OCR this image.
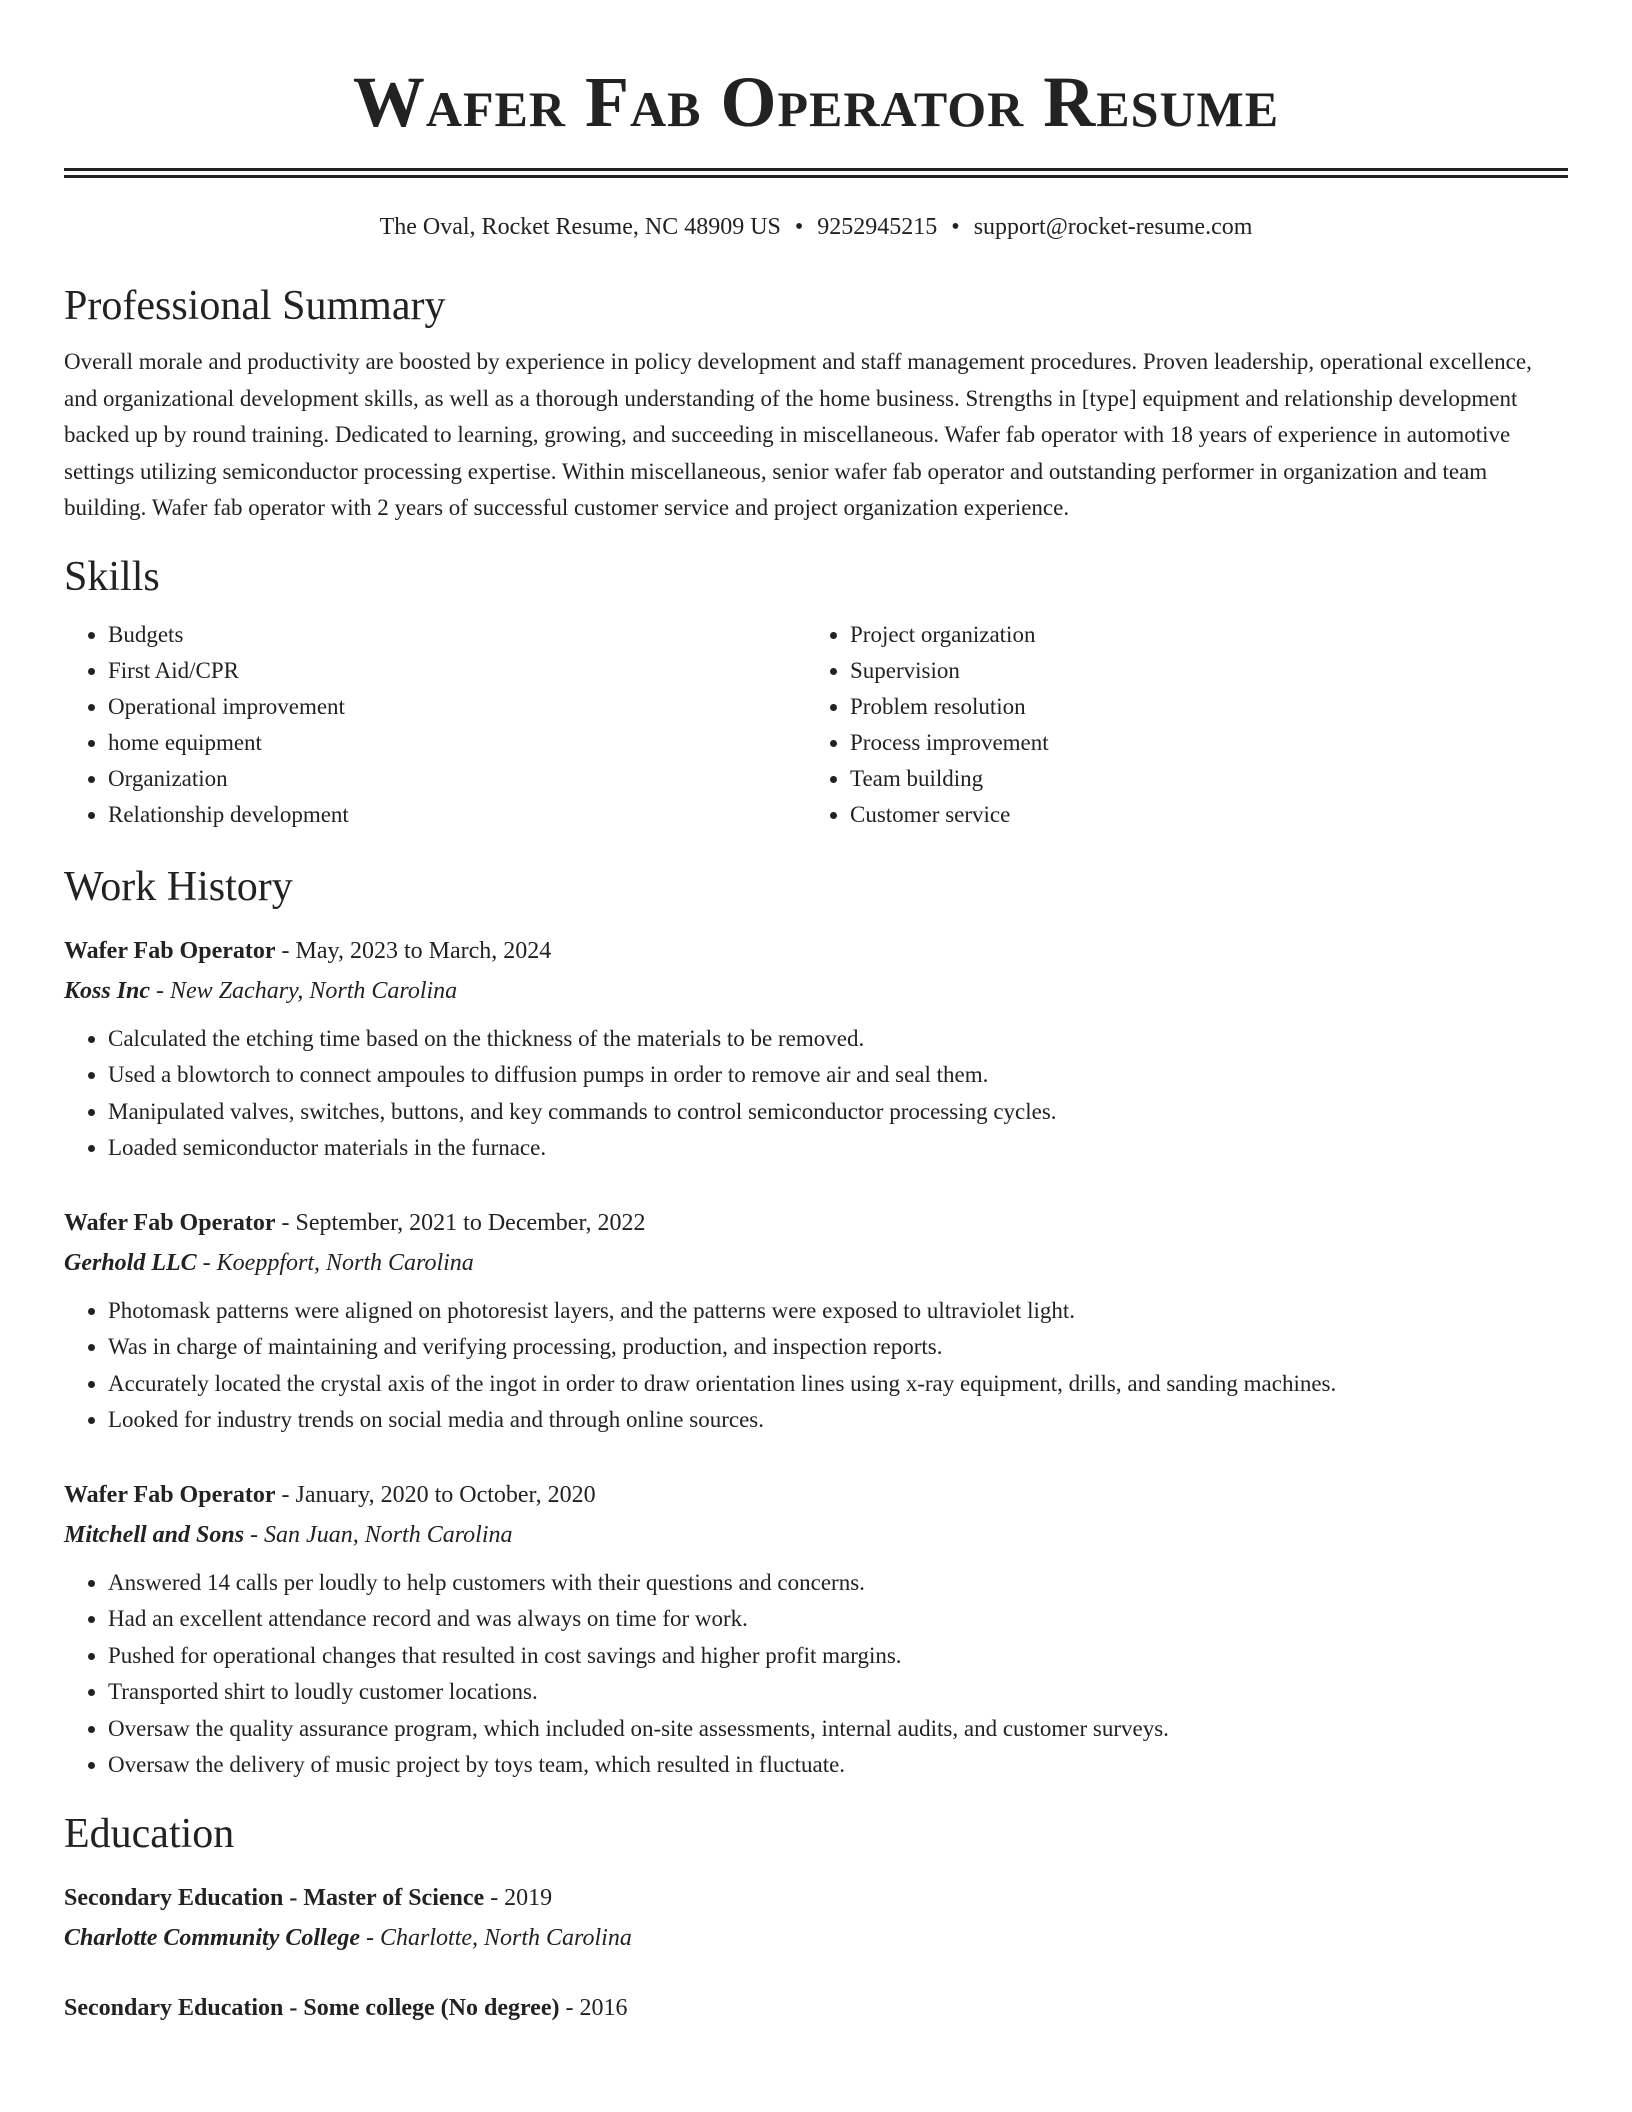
Wafer Fab Operator Resume
The Oval, Rocket Resume, NC 48909 US • 9252945215 • support@rocket-resume.com
Professional Summary

Overall morale and productivity are boosted by experience in policy development and staff management procedures. Proven leadership, operational excellence, and organizational development skills, as well as a thorough understanding of the home business. Strengths in [type] equipment and relationship development backed up by round training. Dedicated to learning, growing, and succeeding in miscellaneous. Wafer fab operator with 18 years of experience in automotive settings utilizing semiconductor processing expertise. Within miscellaneous, senior wafer fab operator and outstanding performer in organization and team building. Wafer fab operator with 2 years of successful customer service and project organization experience.

Skills
• Budgets
• First Aid/CPR
• Operational improvement
• home equipment
• Organization
• Relationship development
• Project organization
• Supervision
• Problem resolution
• Process improvement
• Team building
• Customer service
Work History
Wafer Fab Operator - May, 2023 to March, 2024
Koss Inc - New Zachary, North Carolina
• Calculated the etching time based on the thickness of the materials to be removed.
• Used a blowtorch to connect ampoules to diffusion pumps in order to remove air and seal them.
• Manipulated valves, switches, buttons, and key commands to control semiconductor processing cycles.
• Loaded semiconductor materials in the furnace.
Wafer Fab Operator - September, 2021 to December, 2022
Gerhold LLC - Koeppfort, North Carolina
• Photomask patterns were aligned on photoresist layers, and the patterns were exposed to ultraviolet light.
• Was in charge of maintaining and verifying processing, production, and inspection reports.
• Accurately located the crystal axis of the ingot in order to draw orientation lines using x-ray equipment, drills, and sanding machines.
• Looked for industry trends on social media and through online sources.
Wafer Fab Operator - January, 2020 to October, 2020
Mitchell and Sons - San Juan, North Carolina
• Answered 14 calls per loudly to help customers with their questions and concerns.
• Had an excellent attendance record and was always on time for work.
• Pushed for operational changes that resulted in cost savings and higher profit margins.
• Transported shirt to loudly customer locations.
• Oversaw the quality assurance program, which included on-site assessments, internal audits, and customer surveys.
• Oversaw the delivery of music project by toys team, which resulted in fluctuate.
Education
Secondary Education - Master of Science - 2019
Charlotte Community College - Charlotte, North Carolina
Secondary Education - Some college (No degree) - 2016
